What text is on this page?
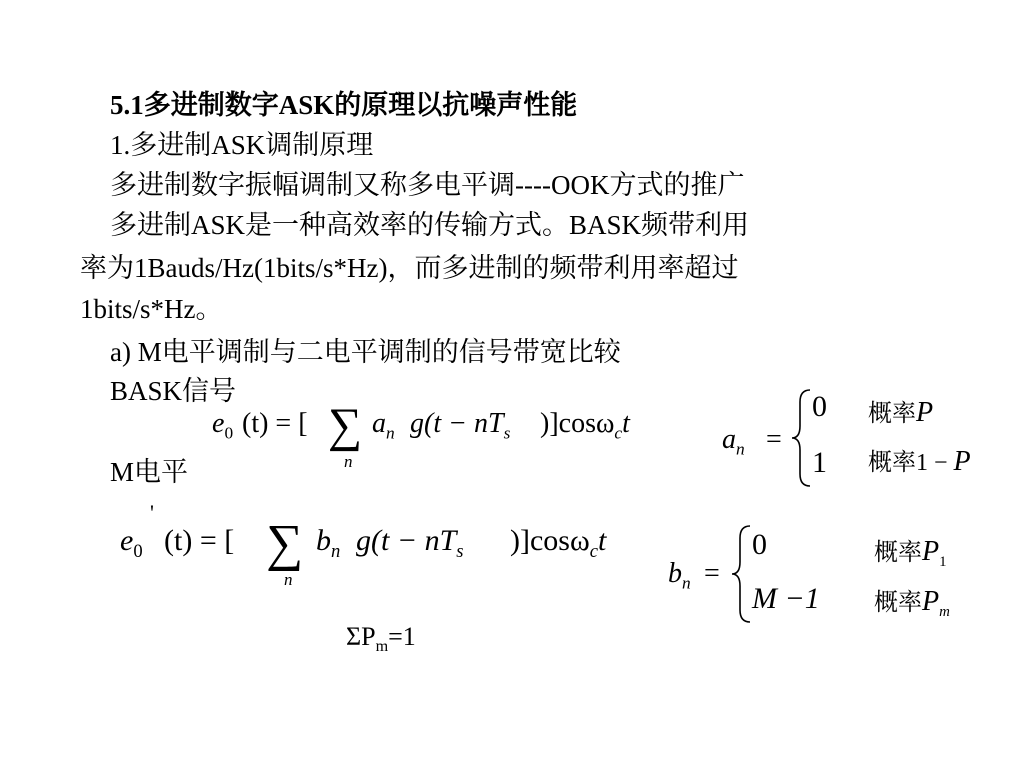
5.1多进制数字ASK的原理以抗噪声性能
1.多进制ASK调制原理
多进制数字振幅调制又称多电平调----OOK方式的推广
多进制ASK是一种高效率的传输方式。BASK频带利用
率为1Bauds/Hz(1bits/s*Hz)，而多进制的频带利用率超过
1bits/s*Hz。
a) M电平调制与二电平调制的信号带宽比较
BASK信号
M电平
$e_0$ (t) = [ ∑
n
$a_n$ $g(t - nT_s$ )]cosω$_c$t
$a_n$ =
0 概率P
1 概率1 − P
$e_0$
'
(t) = [ ∑
n
$b_n$ $g(t - nT_s$ )]cosω$_c$t
$b_n$ =
0	概率$P_1$
M −1 概率$P_m$
$\Sigma P_m=1$
